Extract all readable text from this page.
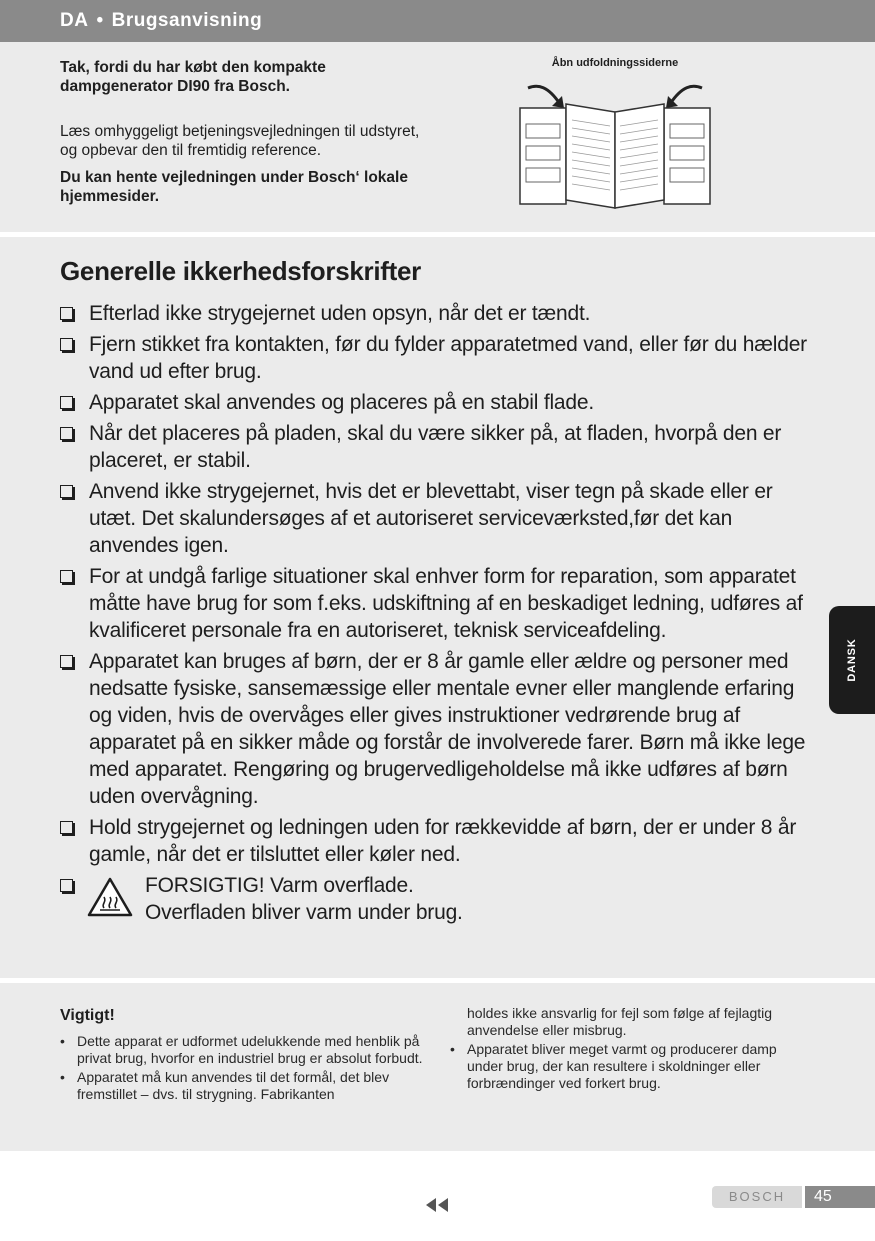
DA • Brugsanvisning
Tak, fordi du har købt den kompakte dampgenerator DI90 fra Bosch.
Læs omhyggeligt betjeningsvejledningen til udstyret, og opbevar den til fremtidig reference.
Du kan hente vejledningen under Bosch‘ lokale hjemmesider.
Åbn udfoldningssiderne
Generelle ikkerhedsforskrifter
Efterlad ikke strygejernet uden opsyn, når det er tændt.
Fjern stikket fra kontakten, før du fylder apparatetmed vand, eller før du hælder vand ud efter brug.
Apparatet skal anvendes og placeres på en stabil flade.
Når det placeres på pladen, skal du være sikker på, at fladen, hvorpå den er placeret, er stabil.
Anvend ikke strygejernet, hvis det er blevettabt, viser tegn på skade eller er utæt. Det skalundersøges af et autoriseret serviceværksted,før det kan anvendes igen.
For at undgå farlige situationer skal enhver form for reparation, som apparatet måtte have brug for som f.eks. udskiftning af en beskadiget ledning, udføres af kvalificeret personale fra en autoriseret, teknisk serviceafdeling.
Apparatet kan bruges af børn, der er 8 år gamle eller ældre og personer med nedsatte fysiske, sansemæssige eller mentale evner eller manglende erfaring og viden, hvis de overvåges eller gives instruktioner vedrørende brug af apparatet på en sikker måde og forstår de involverede farer. Børn må ikke lege med apparatet. Rengøring og brugervedligeholdelse må ikke udføres af børn uden overvågning.
Hold strygejernet og ledningen uden for rækkevidde af børn, der er under 8 år gamle, når det er tilsluttet eller køler ned.
FORSIGTIG! Varm overflade.
Overfladen bliver varm under brug.
Vigtigt!
• Dette apparat er udformet udelukkende med henblik på privat brug, hvorfor en industriel brug er absolut forbudt.
• Apparatet må kun anvendes til det formål, det blev fremstillet – dvs. til strygning. Fabrikanten
holdes ikke ansvarlig for fejl som følge af fejlagtig anvendelse eller misbrug.
• Apparatet bliver meget varmt og producerer damp under brug, der kan resultere i skoldninger eller forbrændinger ved forkert brug.
DANSK
BOSCH	45
